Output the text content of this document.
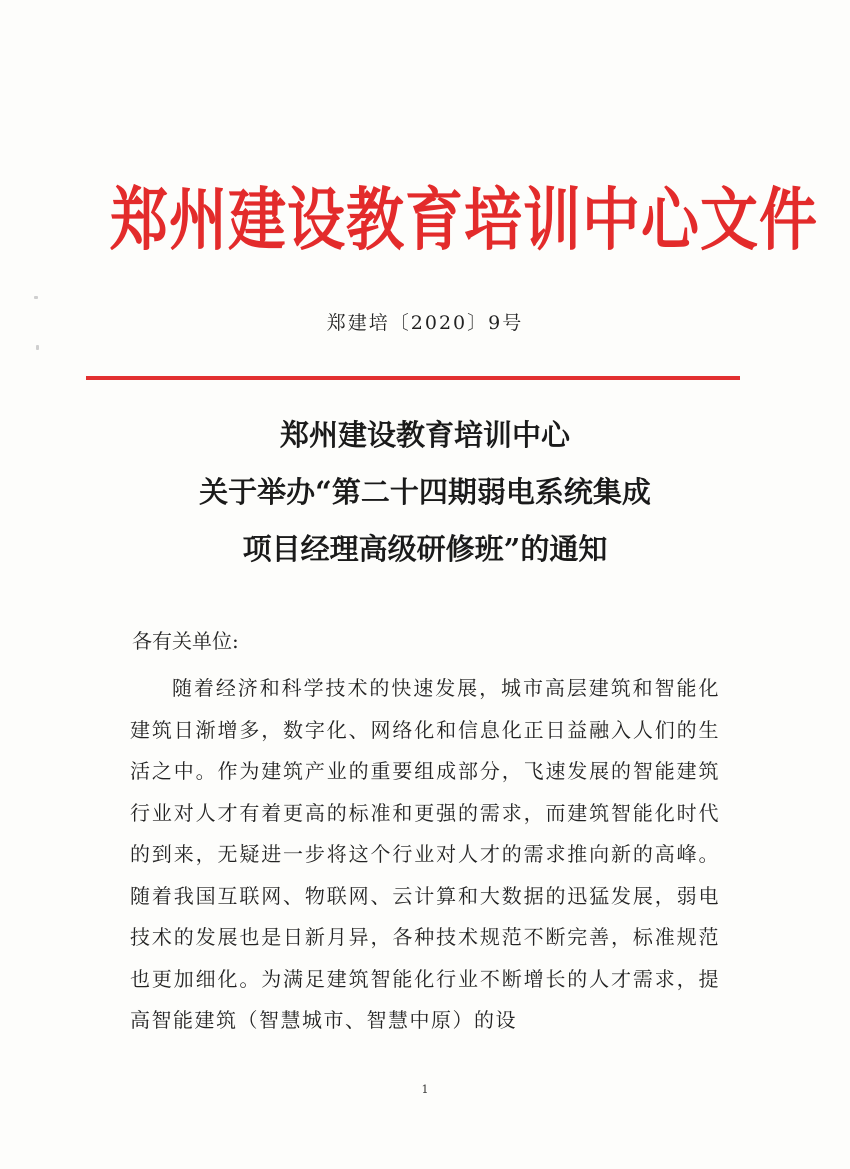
郑州建设教育培训中心文件
郑建培〔2020〕9号
郑州建设教育培训中心
关于举办“第二十四期弱电系统集成
项目经理高级研修班”的通知
各有关单位:
随着经济和科学技术的快速发展，城市高层建筑和智能化建筑日渐增多，数字化、网络化和信息化正日益融入人们的生活之中。作为建筑产业的重要组成部分，飞速发展的智能建筑行业对人才有着更高的标准和更强的需求，而建筑智能化时代的到来，无疑进一步将这个行业对人才的需求推向新的高峰。随着我国互联网、物联网、云计算和大数据的迅猛发展，弱电技术的发展也是日新月异，各种技术规范不断完善，标准规范也更加细化。为满足建筑智能化行业不断增长的人才需求，提高智能建筑（智慧城市、智慧中原）的设
1
